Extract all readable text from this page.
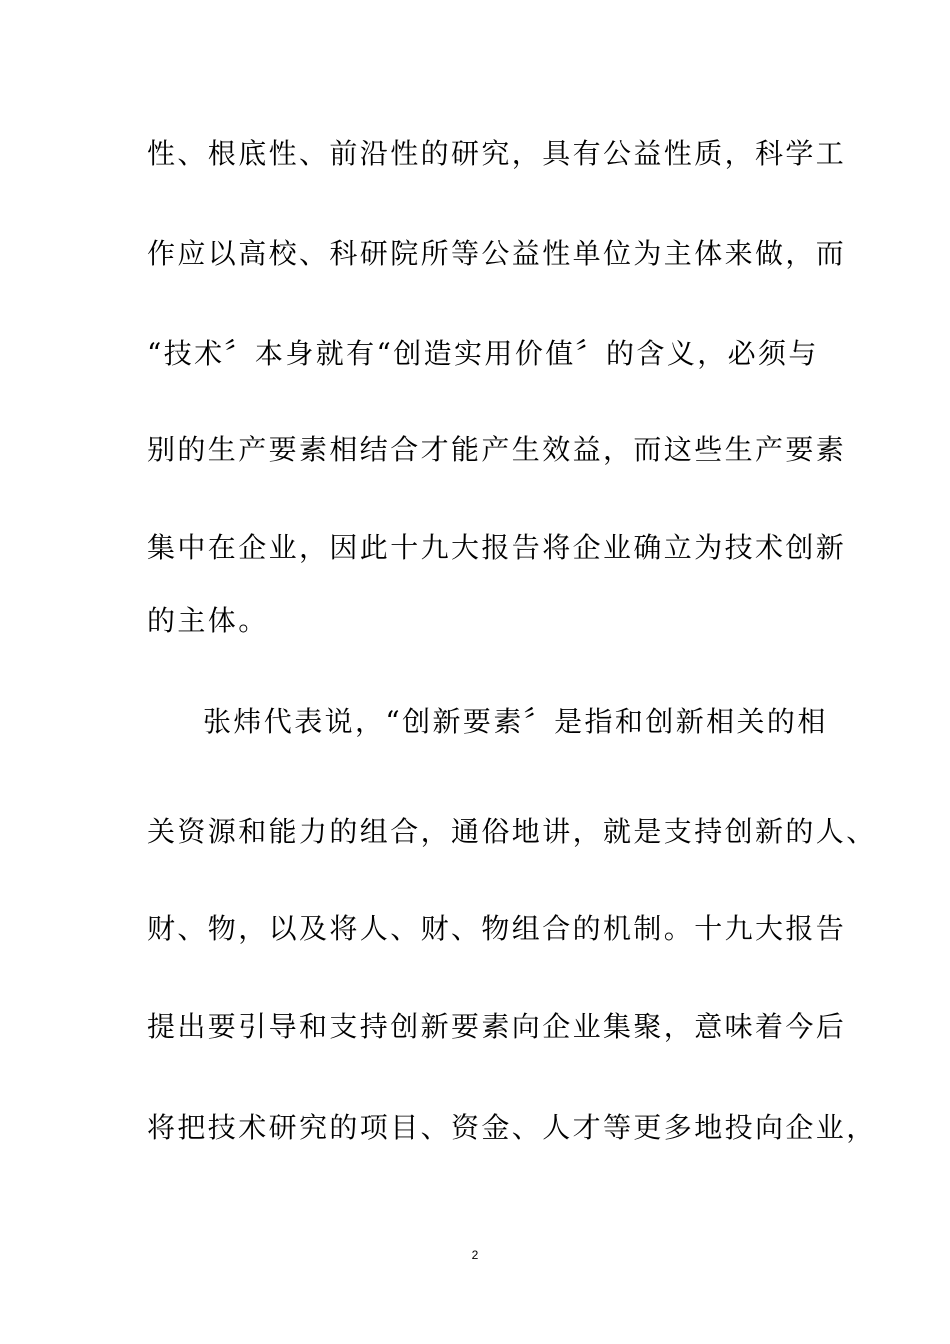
性、根底性、前沿性的研究，具有公益性质，科学工
作应以高校、科研院所等公益性单位为主体来做，而
“技术〞本身就有“创造实用价值〞的含义，必须与
别的生产要素相结合才能产生效益，而这些生产要素
集中在企业，因此十九大报告将企业确立为技术创新
的主体。
张炜代表说，“创新要素〞是指和创新相关的相
关资源和能力的组合，通俗地讲，就是支持创新的人、
财、物，以及将人、财、物组合的机制。十九大报告
提出要引导和支持创新要素向企业集聚，意味着今后
将把技术研究的项目、资金、人才等更多地投向企业，
2
